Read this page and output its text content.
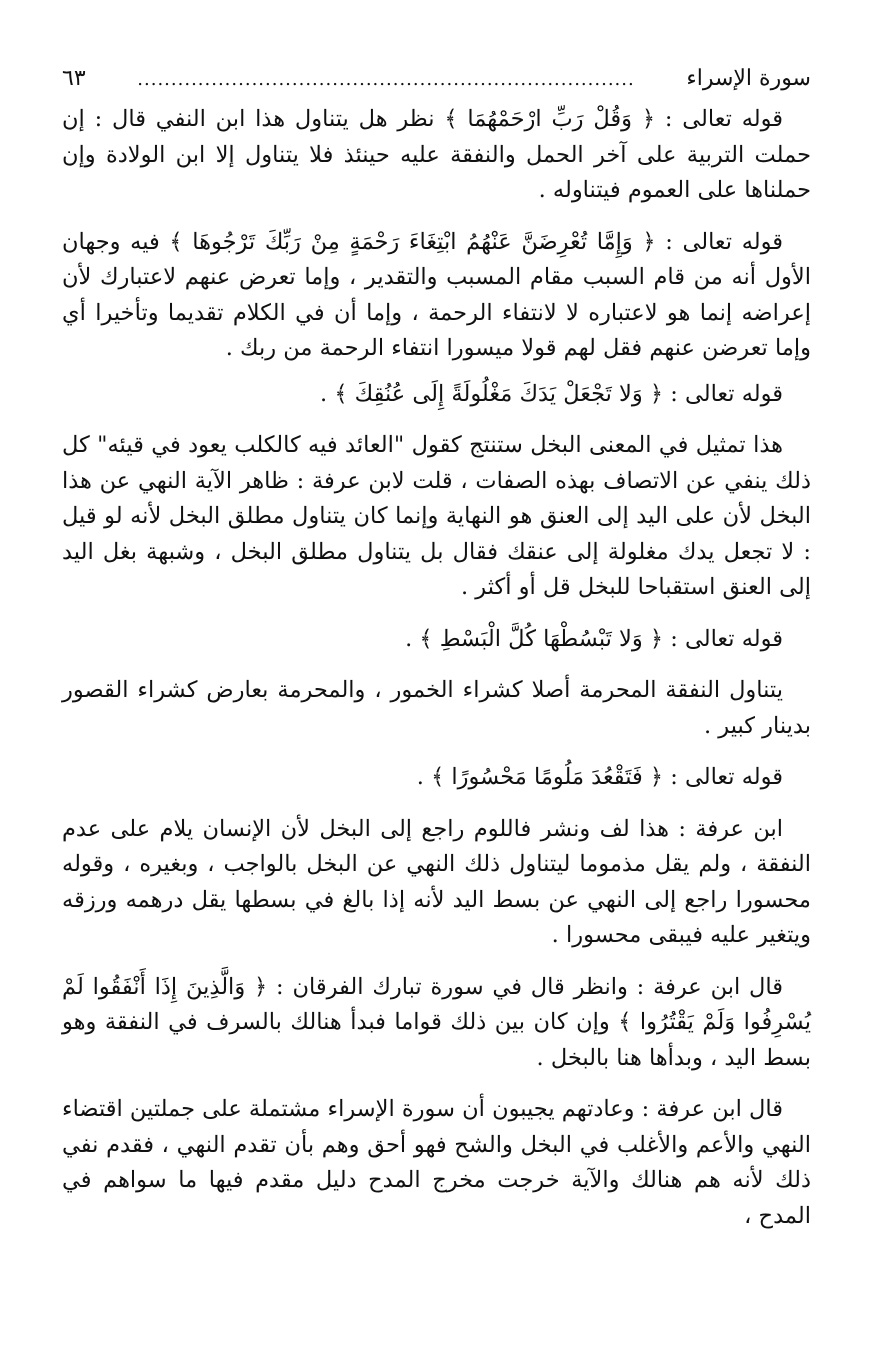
سورة الإسراء
..........................................................................
٦٣

قوله تعالى : ﴿ وَقُلْ رَبِّ ارْحَمْهُمَا ﴾ نظر هل يتناول هذا ابن النفي قال : إن حملت التربية على آخر الحمل والنفقة عليه حينئذ فلا يتناول إلا ابن الولادة وإن حملناها على العموم فيتناوله .

قوله تعالى : ﴿ وَإِمَّا تُعْرِضَنَّ عَنْهُمُ ابْتِغَاءَ رَحْمَةٍ مِنْ رَبِّكَ تَرْجُوهَا ﴾ فيه وجهان الأول أنه من قام السبب مقام المسبب والتقدير ، وإما تعرض عنهم لاعتبارك لأن إعراضه إنما هو لاعتباره لا لانتفاء الرحمة ، وإما أن في الكلام تقديما وتأخيرا أي وإما تعرضن عنهم فقل لهم قولا ميسورا انتفاء الرحمة من ربك .

قوله تعالى : ﴿ وَلا تَجْعَلْ يَدَكَ مَغْلُولَةً إِلَى عُنُقِكَ ﴾ .

هذا تمثيل في المعنى البخل ستنتج كقول "العائد فيه كالكلب يعود في قيئه" كل ذلك ينفي عن الاتصاف بهذه الصفات ، قلت لابن عرفة : ظاهر الآية النهي عن هذا البخل لأن على اليد إلى العنق هو النهاية وإنما كان يتناول مطلق البخل لأنه لو قيل : لا تجعل يدك مغلولة إلى عنقك فقال بل يتناول مطلق البخل ، وشبهة بغل اليد إلى العنق استقباحا للبخل قل أو أكثر .

قوله تعالى : ﴿ وَلا تَبْسُطْهَا كُلَّ الْبَسْطِ ﴾ .

يتناول النفقة المحرمة أصلا كشراء الخمور ، والمحرمة بعارض كشراء القصور بدينار كبير .

قوله تعالى : ﴿ فَتَقْعُدَ مَلُومًا مَحْسُورًا ﴾ .

ابن عرفة : هذا لف ونشر فاللوم راجع إلى البخل لأن الإنسان يلام على عدم النفقة ، ولم يقل مذموما ليتناول ذلك النهي عن البخل بالواجب ، وبغيره ، وقوله محسورا راجع إلى النهي عن بسط اليد لأنه إذا بالغ في بسطها يقل درهمه ورزقه ويتغير عليه فيبقى محسورا .

قال ابن عرفة : وانظر قال في سورة تبارك الفرقان : ﴿ وَالَّذِينَ إِذَا أَنْفَقُوا لَمْ يُسْرِفُوا وَلَمْ يَقْتُرُوا ﴾ وإن كان بين ذلك قواما فبدأ هنالك بالسرف في النفقة وهو بسط اليد ، وبدأها هنا بالبخل .

قال ابن عرفة : وعادتهم يجيبون أن سورة الإسراء مشتملة على جملتين اقتضاء النهي والأعم والأغلب في البخل والشح فهو أحق وهم بأن تقدم النهي ، فقدم نفي ذلك لأنه هم هنالك والآية خرجت مخرج المدح دليل مقدم فيها ما سواهم في المدح ،
